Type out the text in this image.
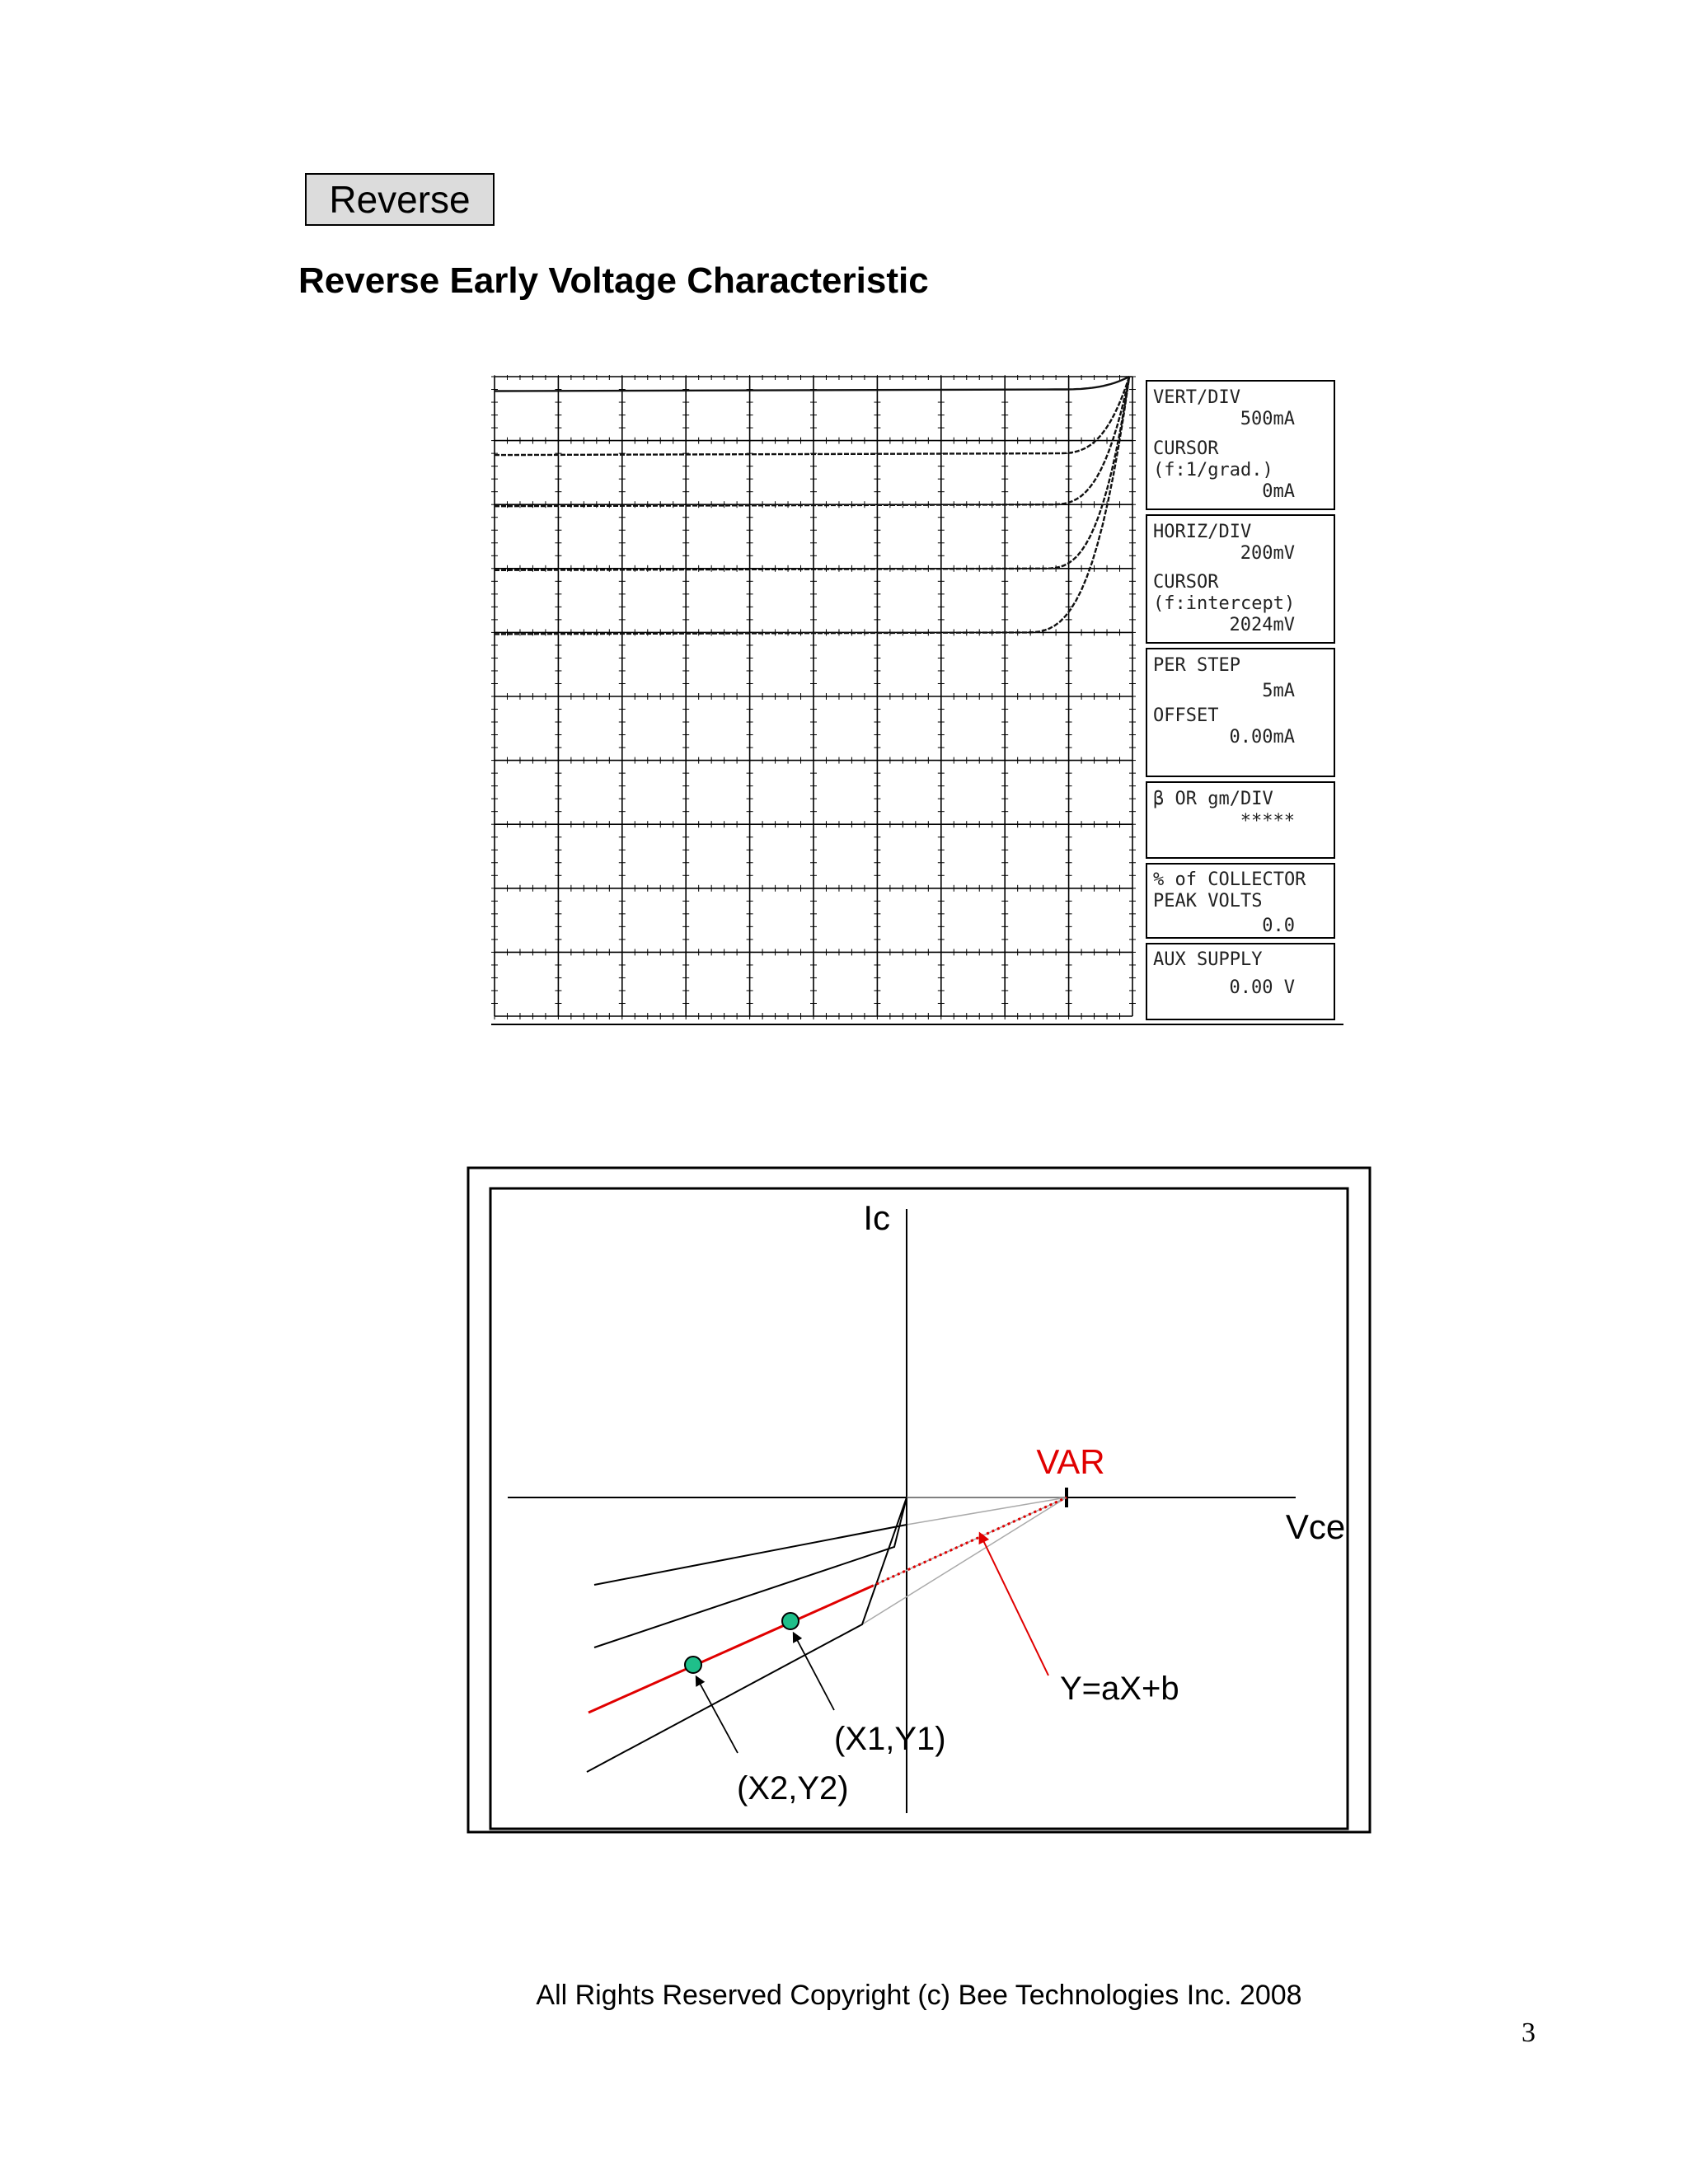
Reverse
Reverse Early Voltage Characteristic
VERT/DIV
500mA
CURSOR
(f:1/grad.)
0mA
HORIZ/DIV
200mV
CURSOR
(f:intercept)
2024mV
PER STEP
5mA
OFFSET
0.00mA
β OR gm/DIV
*****
% of COLLECTOR
PEAK VOLTS
0.0
AUX SUPPLY
0.00 V
Ic
Vce
VAR
Y=aX+b
(X1,Y1)
(X2,Y2)
All Rights Reserved Copyright (c) Bee Technologies Inc. 2008
3
